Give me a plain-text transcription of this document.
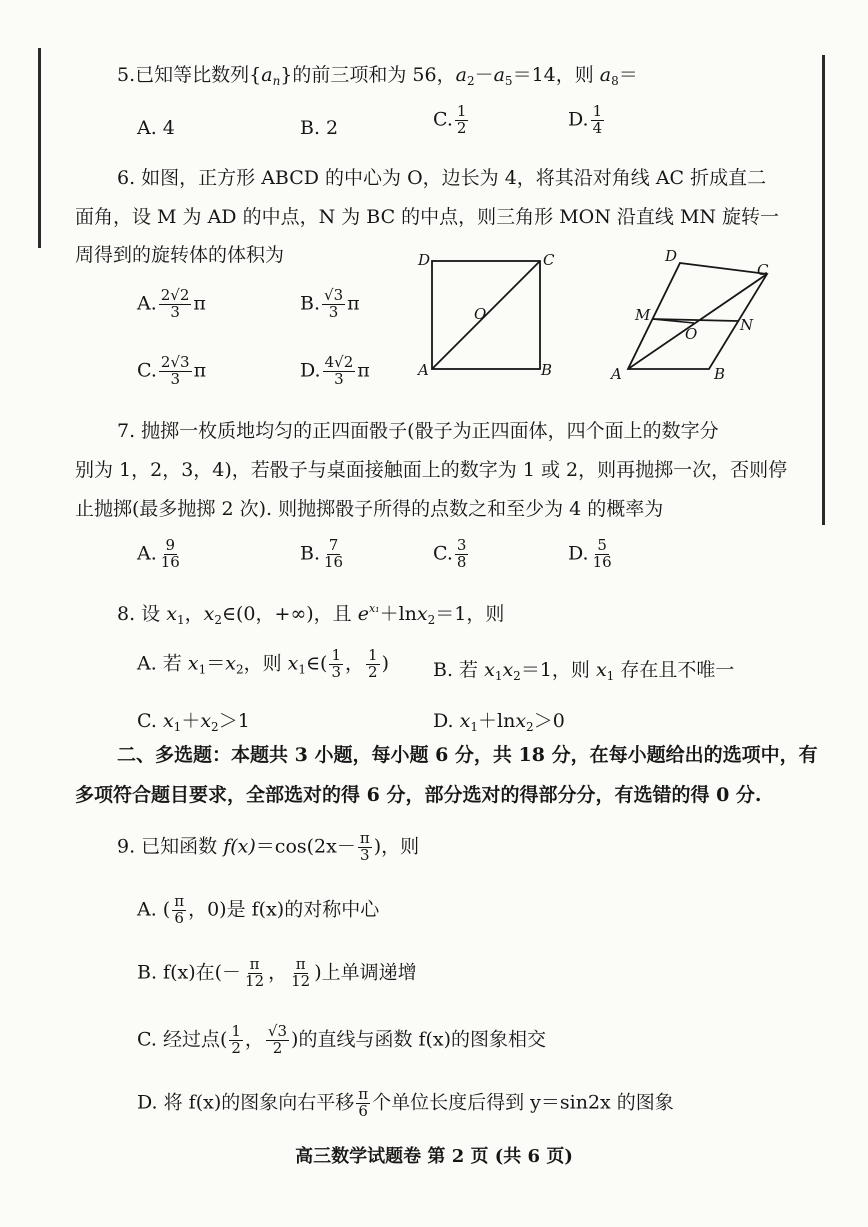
5.已知等比数列$\{a_n\}$的前三项和为 56，$a_2-a_5=14$，则 $a_8=$
A. 4	B. 2	C. $\frac{1}{2}$	D. $\frac{1}{4}$
6. 如图，正方形 ABCD 的中心为 O，边长为 4，将其沿对角线 AC 折成直二
面角，设 M 为 AD 的中点，N 为 BC 的中点，则三角形 MON 沿直线 MN 旋转一
周得到的旋转体的体积为
A. $\frac{2√2}{3}$ π	B. $\frac{√3}{3}$ π
C. $\frac{2√3}{3}$ π	D. $\frac{4√2}{3}$ π
D	C
O
A	B
D
C
M
N
O
A	B
7. 抛掷一枚质地均匀的正四面骰子(骰子为正四面体，四个面上的数字分
别为 1，2，3，4)，若骰子与桌面接触面上的数字为 1 或 2，则再抛掷一次，否则停
止抛掷(最多抛掷 2 次). 则抛掷骰子所得的点数之和至少为 4 的概率为
A. $\frac{9}{16}$	B. $\frac{7}{16}$	C. $\frac{3}{8}$	D. $\frac{5}{16}$
8. 设 $x_1$，$x_2\in(0$，+∞)，且 $e^{x_1}+\ln x_2=1$，则
A. 若 $x_1=x_2$，则 $x_1\in( \frac{1}{3}$ ， $\frac{1}{2}$ ) B. 若 $x_1x_2=1$，则 $x_1$ 存在且不唯一
C. $x_1+x_2>1$	D. $x_1+\ln x_2>0$
二、多选题：本题共 3 小题，每小题 6 分，共 18 分，在每小题给出的选项中，有
多项符合题目要求，全部选对的得 6 分，部分选对的得部分分，有选错的得 0 分.
9. 已知函数 $f(x)=\cos(2x- \frac{\pi}{3}$ )，则
A. ( $\frac{\pi}{6}$ ，0)是 f(x)的对称中心
B. f(x)在(－ $\frac{\pi}{12}$ ， $\frac{\pi}{12}$ )上单调递增
C. 经过点( $\frac{1}{2}$ ， $\frac{√3}{2}$ )的直线与函数 f(x)的图象相交
D. 将 f(x)的图象向右平移 $\frac{\pi}{6}$ 个单位长度后得到 y＝sin2x 的图象
高三数学试题卷 第 2 页 (共 6 页)
